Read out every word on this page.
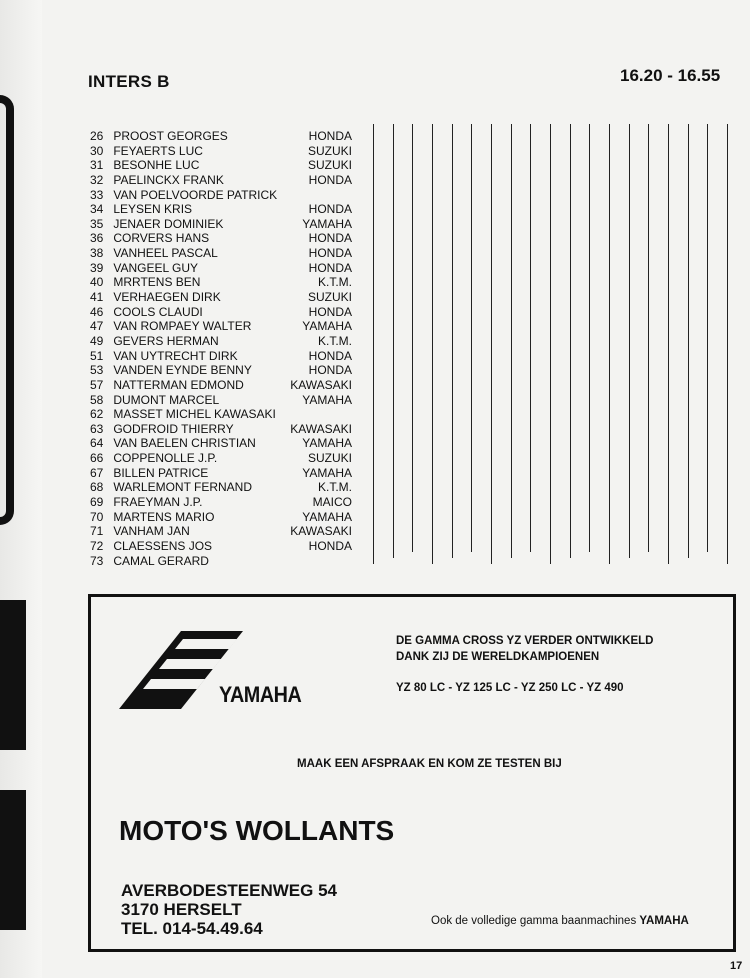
INTERS B	16.20 - 16.55
26 PROOST GEORGES	HONDA
30 FEYAERTS LUC	SUZUKI
31 BESONHE LUC	SUZUKI
32 PAELINCKX FRANK	HONDA
33 VAN POELVOORDE PATRICK
34 LEYSEN KRIS	HONDA
35 JENAER DOMINIEK	YAMAHA
36 CORVERS HANS	HONDA
38 VANHEEL PASCAL	HONDA
39 VANGEEL GUY	HONDA
40 MRRTENS BEN	K.T.M.
41 VERHAEGEN DIRK	SUZUKI
46 COOLS CLAUDI	HONDA
47 VAN ROMPAEY WALTER	YAMAHA
49 GEVERS HERMAN	K.T.M.
51 VAN UYTRECHT DIRK	HONDA
53 VANDEN EYNDE BENNY	HONDA
57 NATTERMAN EDMOND	KAWASAKI
58 DUMONT MARCEL	YAMAHA
62 MASSET MICHEL KAWASAKI
63 GODFROID THIERRY	KAWASAKI
64 VAN BAELEN CHRISTIAN	YAMAHA
66 COPPENOLLE J.P.	SUZUKI
67 BILLEN PATRICE	YAMAHA
68 WARLEMONT FERNAND	K.T.M.
69 FRAEYMAN J.P.	MAICO
70 MARTENS MARIO	YAMAHA
71 VANHAM JAN	KAWASAKI
72 CLAESSENS JOS	HONDA
73 CAMAL GERARD
YAMAHA
DE GAMMA CROSS YZ VERDER ONTWIKKELD
DANK ZIJ DE WERELDKAMPIOENEN
YZ 80 LC - YZ 125 LC - YZ 250 LC - YZ 490
MAAK EEN AFSPRAAK EN KOM ZE TESTEN BIJ
MOTO'S WOLLANTS
AVERBODESTEENWEG 54
3170 HERSELT
TEL. 014-54.49.64	Ook de volledige gamma baanmachines YAMAHA
17
